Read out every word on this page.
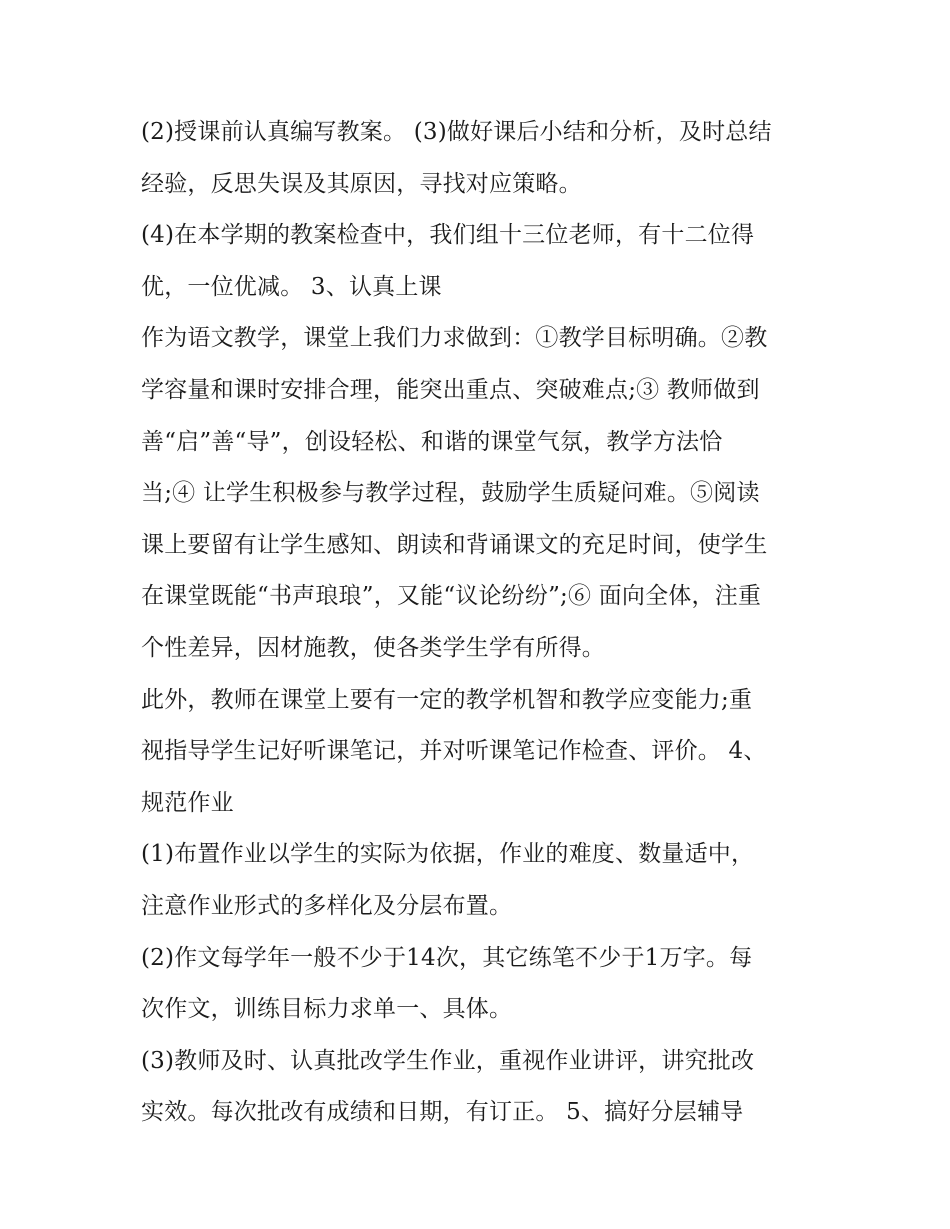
(2)授课前认真编写教案。 (3)做好课后小结和分析，及时总结
经验，反思失误及其原因，寻找对应策略。
(4)在本学期的教案检查中，我们组十三位老师，有十二位得
优，一位优减。 3、认真上课
作为语文教学，课堂上我们力求做到：①教学目标明确。②教
学容量和课时安排合理，能突出重点、突破难点;③ 教师做到
善“启”善“导”，创设轻松、和谐的课堂气氛，教学方法恰
当;④ 让学生积极参与教学过程，鼓励学生质疑问难。⑤阅读
课上要留有让学生感知、朗读和背诵课文的充足时间，使学生
在课堂既能“书声琅琅”，又能“议论纷纷”;⑥ 面向全体，注重
个性差异，因材施教，使各类学生学有所得。
此外，教师在课堂上要有一定的教学机智和教学应变能力;重
视指导学生记好听课笔记，并对听课笔记作检查、评价。 4、
规范作业
(1)布置作业以学生的实际为依据，作业的难度、数量适中，
注意作业形式的多样化及分层布置。
(2)作文每学年一般不少于14次，其它练笔不少于1万字。每
次作文，训练目标力求单一、具体。
(3)教师及时、认真批改学生作业，重视作业讲评，讲究批改
实效。每次批改有成绩和日期，有订正。 5、搞好分层辅导
